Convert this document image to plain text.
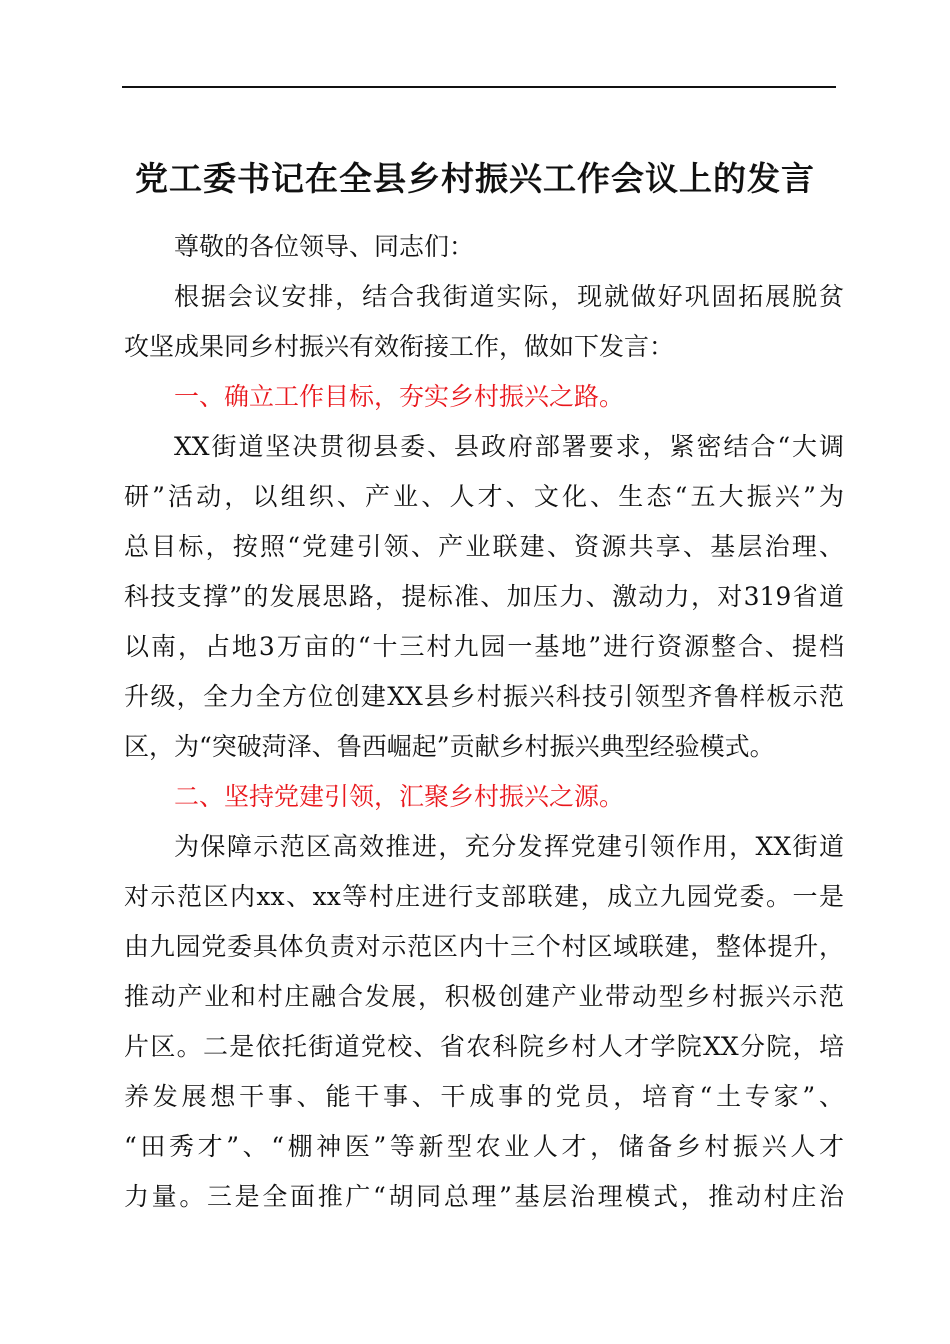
党工委书记在全县乡村振兴工作会议上的发言
尊敬的各位领导、同志们：
根据会议安排，结合我街道实际，现就做好巩固拓展脱贫
攻坚成果同乡村振兴有效衔接工作，做如下发言：
一、确立工作目标，夯实乡村振兴之路。
XX街道坚决贯彻县委、县政府部署要求，紧密结合“大调
研”活动，以组织、产业、人才、文化、生态“五大振兴”为
总目标，按照“党建引领、产业联建、资源共享、基层治理、
科技支撑”的发展思路，提标准、加压力、激动力，对319省道
以南，占地3万亩的“十三村九园一基地”进行资源整合、提档
升级，全力全方位创建XX县乡村振兴科技引领型齐鲁样板示范
区，为“突破菏泽、鲁西崛起”贡献乡村振兴典型经验模式。
二、坚持党建引领，汇聚乡村振兴之源。
为保障示范区高效推进，充分发挥党建引领作用，XX街道
对示范区内xx、xx等村庄进行支部联建，成立九园党委。一是
由九园党委具体负责对示范区内十三个村区域联建，整体提升，
推动产业和村庄融合发展，积极创建产业带动型乡村振兴示范
片区。二是依托街道党校、省农科院乡村人才学院XX分院，培
养发展想干事、能干事、干成事的党员，培育“土专家”、
“田秀才”、“棚神医”等新型农业人才，储备乡村振兴人才
力量。三是全面推广“胡同总理”基层治理模式，推动村庄治
